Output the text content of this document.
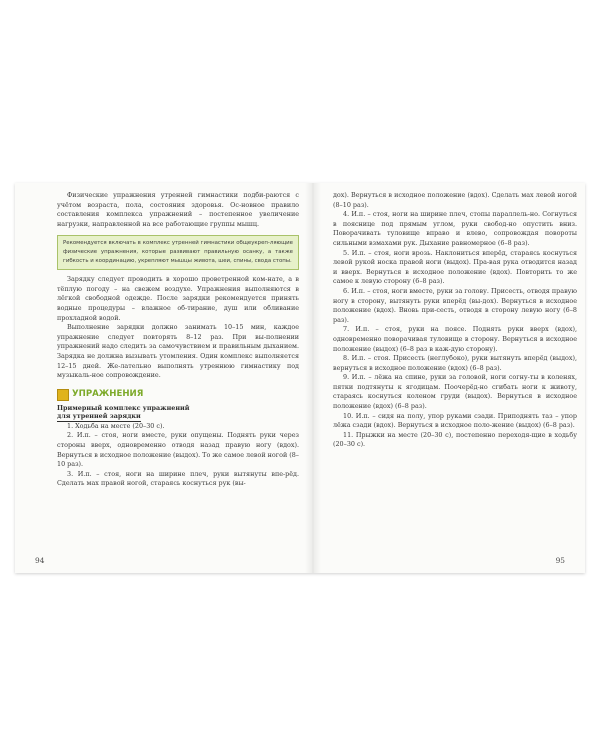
Физические упражнения утренней гимнастики подби-раются с учётом возраста, пола, состояния здоровья. Ос-новное правило составления комплекса упражнений – постепенное увеличение нагрузки, направленной на все работающие группы мышц.

Рекомендуется включать в комплекс утренней гимнастики общеукреп-ляющие физические упражнения, которые развивают правильную осанку, а также гибкость и координацию, укрепляют мышцы живота, шеи, спины, свода стопы.

Зарядку следует проводить в хорошо проветренной ком-нате, а в тёплую погоду – на свежем воздухе. Упражнения выполняются в лёгкой свободной одежде. После зарядки рекомендуется принять водные процедуры – влажное об-тирание, душ или обливание прохладной водой.

Выполнение зарядки должно занимать 10–15 мин, каждое упражнение следует повторять 8–12 раз. При вы-полнении упражнений надо следить за самочувствием и правильным дыханием. Зарядка не должна вызывать утомления. Один комплекс выполняется 12–15 дней. Же-лательно выполнять утреннюю гимнастику под музыкаль-ное сопровождение.

УПРАЖНЕНИЯ

Примерный комплекс упражнений

для утренней зарядки

1. Ходьба на месте (20–30 с).

2. И.п. – стоя, ноги вместе, руки опущены. Поднять руки через стороны вверх, одновременно отводя назад правую ногу (вдох). Вернуться в исходное положение (выдох). То же самое левой ногой (8–10 раз).

3. И.п. – стоя, ноги на ширине плеч, руки вытянуты впе-рёд. Сделать мах правой ногой, стараясь коснуться рук (вы-

94

дох). Вернуться в исходное положение (вдох). Сделать мах левой ногой (8–10 раз).

4. И.п. – стоя, ноги на ширине плеч, стопы параллель-но. Согнуться в пояснице под прямым углом, руки свобод-но опустить вниз. Поворачивать туловище вправо и влево, сопровождая повороты сильными взмахами рук. Дыхание равномерное (6–8 раз).

5. И.п. – стоя, ноги врозь. Наклониться вперёд, стараясь коснуться левой рукой носка правой ноги (выдох). Пра-вая рука отводится назад и вверх. Вернуться в исходное положение (вдох). Повторить то же самое к левую сторону (6–8 раз).

6. И.п. – стоя, ноги вместе, руки за голову. Присесть, отводя правую ногу в сторону, вытянуть руки вперёд (вы-дох). Вернуться в исходное положение (вдох). Вновь при-сесть, отводя в сторону левую ногу (6–8 раз).

7. И.п. – стоя, руки на поясе. Поднять руки вверх (вдох), одновременно поворачивая туловище в сторону. Вернуться в исходное положение (выдох) (6–8 раз в каж-дую сторону).

8. И.п. – стоя. Присесть (неглубоко), руки вытянуть вперёд (выдох), вернуться в исходное положение (вдох) (6–8 раз).

9. И.п. – лёжа на спине, руки за головой, ноги согну-ты в коленях, пятки подтянуты к ягодицам. Поочерёд-но сгибать ноги к животу, стараясь коснуться коленом груди (выдох). Вернуться в исходное положение (вдох) (6–8 раз).

10. И.п. – сидя на полу, упор руками сзади. Приподнять таз – упор лёжа сзади (вдох). Вернуться в исходное поло-жение (выдох) (6–8 раз).

11. Прыжки на месте (20–30 с), постепенно переходя-щие в ходьбу (20–30 с).

95
